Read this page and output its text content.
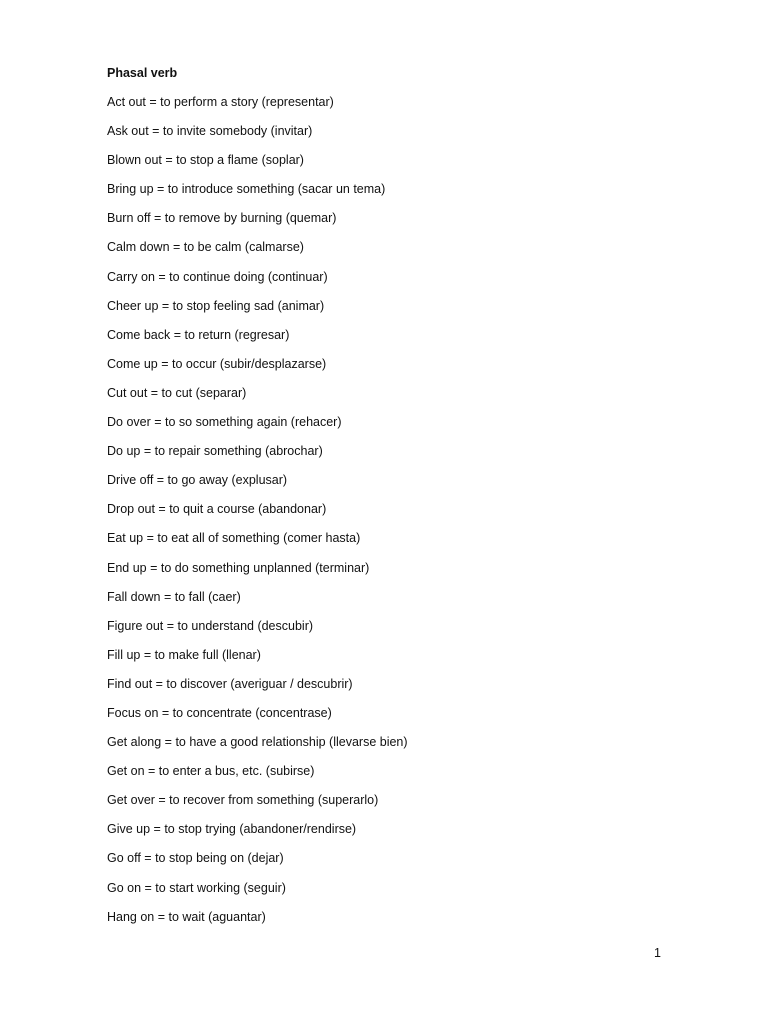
Phasal verb
Act out = to perform a story (representar)
Ask out = to invite somebody (invitar)
Blown out = to stop a flame (soplar)
Bring up = to introduce something (sacar un tema)
Burn off = to remove by burning (quemar)
Calm down = to be calm (calmarse)
Carry on = to continue doing (continuar)
Cheer up = to stop feeling sad (animar)
Come back = to return (regresar)
Come up = to occur (subir/desplazarse)
Cut out = to cut (separar)
Do over = to so something again (rehacer)
Do up = to repair something (abrochar)
Drive off = to go away (explusar)
Drop out = to quit a course (abandonar)
Eat up = to eat all of something (comer hasta)
End up = to do something unplanned (terminar)
Fall down = to fall (caer)
Figure out = to understand (descubir)
Fill up = to make full (llenar)
Find out = to discover (averiguar / descubrir)
Focus on = to concentrate (concentrase)
Get along = to have a good relationship (llevarse bien)
Get on = to enter a bus, etc. (subirse)
Get over = to recover from something (superarlo)
Give up = to stop trying (abandoner/rendirse)
Go off = to stop being on (dejar)
Go on = to start working (seguir)
Hang on = to wait (aguantar)
1
